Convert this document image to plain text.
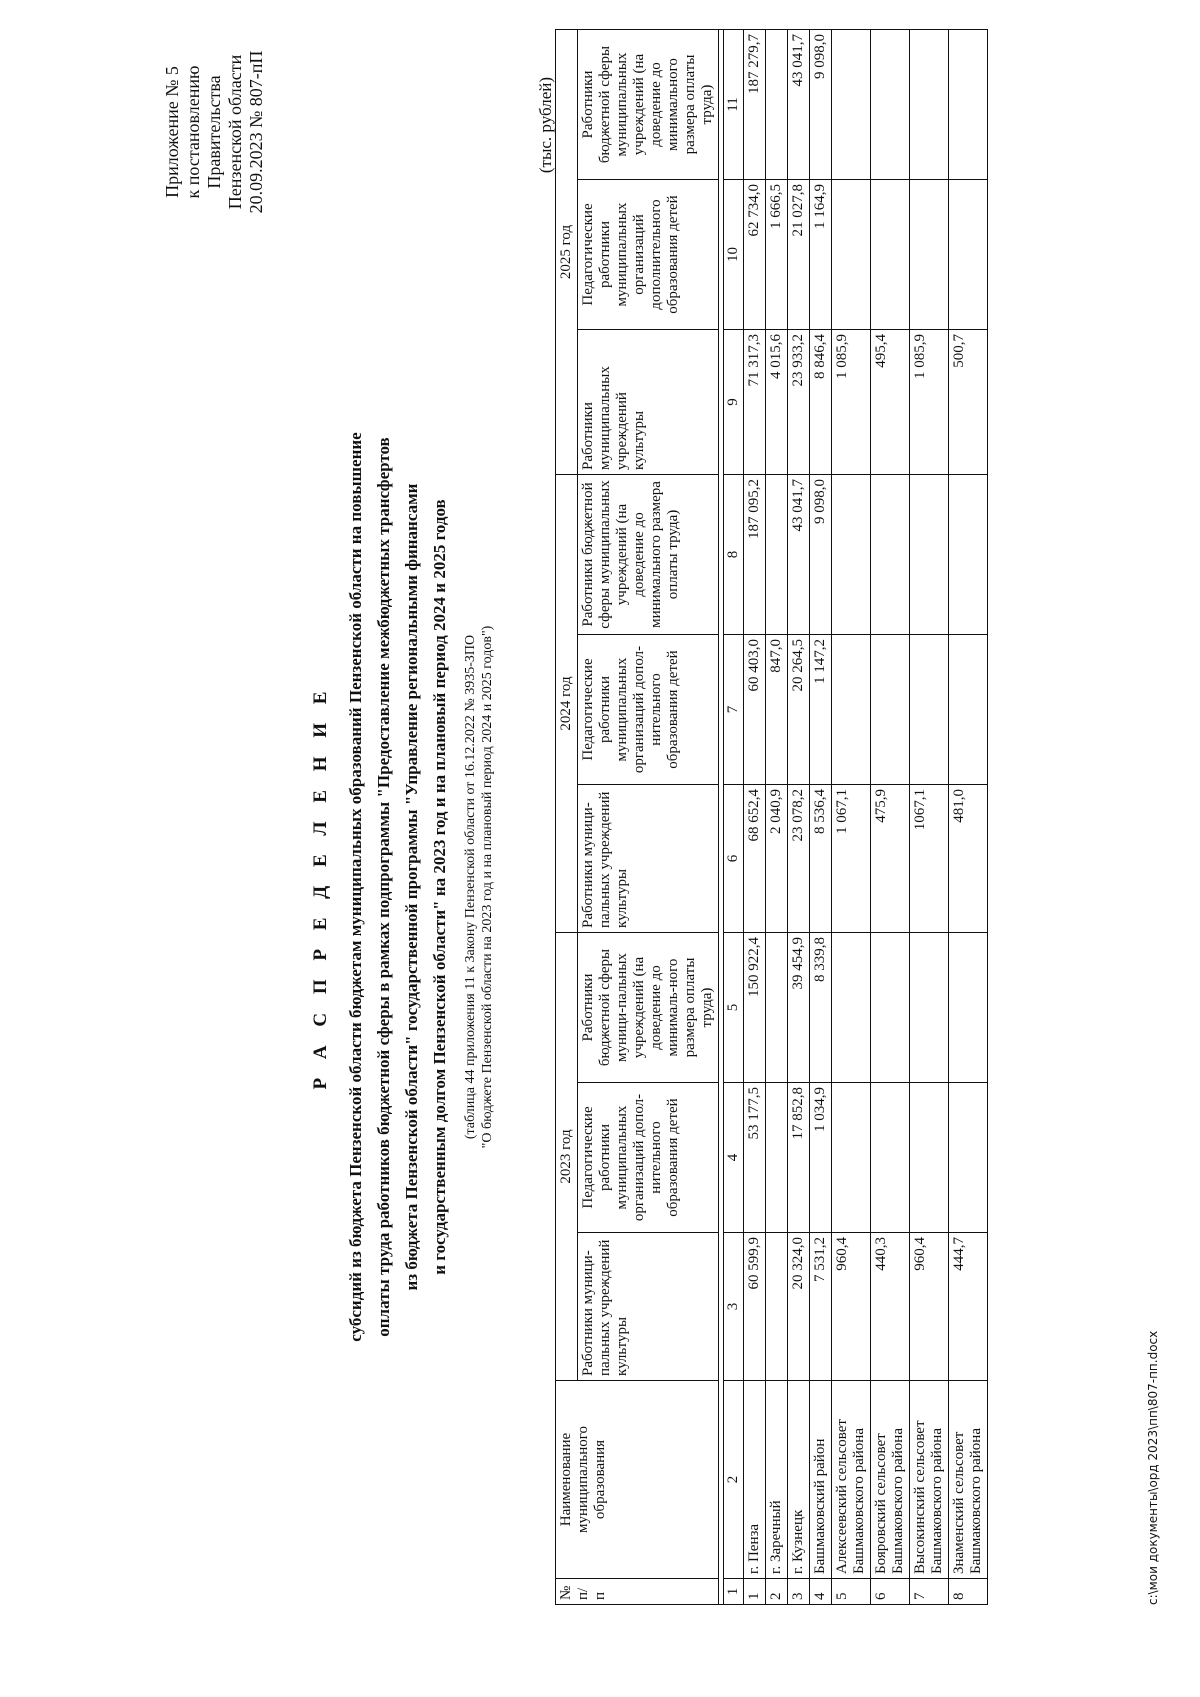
Приложение № 5 к постановлению Правительства Пензенской области 20.09.2023 № 807-пП
Р А С П Р Е Д Е Л Е Н И Е субсидий из бюджета Пензенской области бюджетам муниципальных образований Пензенской области на повышение оплаты труда работников бюджетной сферы в рамках подпрограммы "Предоставление межбюджетных трансфертов из бюджета Пензенской области" государственной программы "Управление региональными финансами и государственным долгом Пензенской области" на 2023 год и на плановый период 2024 и 2025 годов	(таблица 44 приложения 11 к Закону Пензенской области от 16.12.2022 № 3935-ЗПО "О бюджете Пензенской области на 2023 год и на плановый период 2024 и 2025 годов")
(тыс. рублей)
№ п/п	Наименование муниципального образования	2023 год			2024 год			2025 год		
		Работники муници-пальных учреждений культуры	Педагогические работники муниципальных организаций допол-нительного образования детей	Работники бюджетной сферы муници-пальных учреждений (на доведение до минималь-ного размера оплаты труда)	Работники муници-пальных учреждений культуры	Педагогические работники муниципальных организаций допол-нительного образования детей	Работники бюджетной сферы муниципальных учреждений (на доведение до минимального размера оплаты труда)	Работники муниципальных учреждений культуры	Педагогические работники муниципальных организаций дополнительного образования детей	Работники бюджетной сферы муниципальных учреждений (на доведение до минимального размера оплаты труда)

1	2	3	4	5	6	7	8	9	10	11
1	г. Пенза	60 599,9	53 177,5	150 922,4	68 652,4	60 403,0	187 095,2	71 317,3	62 734,0	187 279,7
2	г. Заречный				2 040,9	847,0		4 015,6	1 666,5	
3	г. Кузнецк	20 324,0	17 852,8	39 454,9	23 078,2	20 264,5	43 041,7	23 933,2	21 027,8	43 041,7
4	Башмаковский район	7 531,2	1 034,9	8 339,8	8 536,4	1 147,2	9 098,0	8 846,4	1 164,9	9 098,0
5	Алексеевский сельсовет Башмаковского района	960,4			1 067,1			1 085,9		
6	Бояровский сельсовет Башмаковского района	440,3			475,9			495,4		
7	Высокинский сельсовет Башмаковского района	960,4			1067,1			1 085,9		
8	Знаменский сельсовет Башмаковского района	444,7			481,0			500,7		
c:\мои документы\орд 2023\пп\807-пп.docx
